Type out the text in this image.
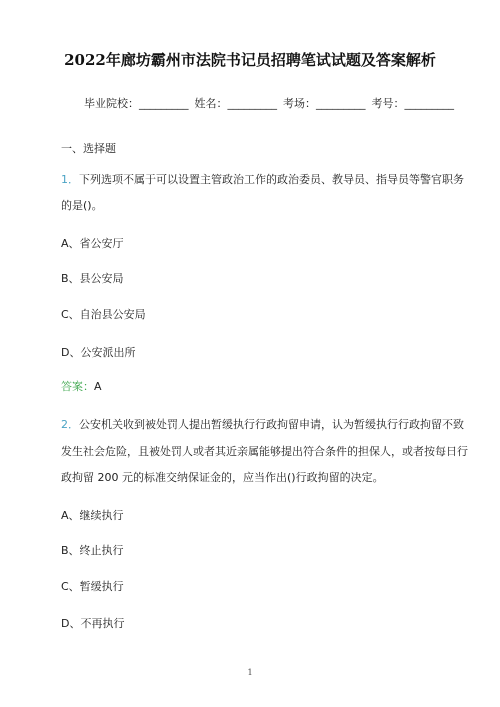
2022年廊坊霸州市法院书记员招聘笔试试题及答案解析
毕业院校：_________ 姓名：_________ 考场：_________ 考号：_________
一、选择题
1．下列选项不属于可以设置主管政治工作的政治委员、教导员、指导员等警官职务
的是()。
A、省公安厅
B、县公安局
C、自治县公安局
D、公安派出所
答案：A
2．公安机关收到被处罚人提出暂缓执行行政拘留申请，认为暂缓执行行政拘留不致
发生社会危险，且被处罚人或者其近亲属能够提出符合条件的担保人，或者按每日行
政拘留 200 元的标准交纳保证金的，应当作出()行政拘留的决定。
A、继续执行
B、终止执行
C、暂缓执行
D、不再执行
1
